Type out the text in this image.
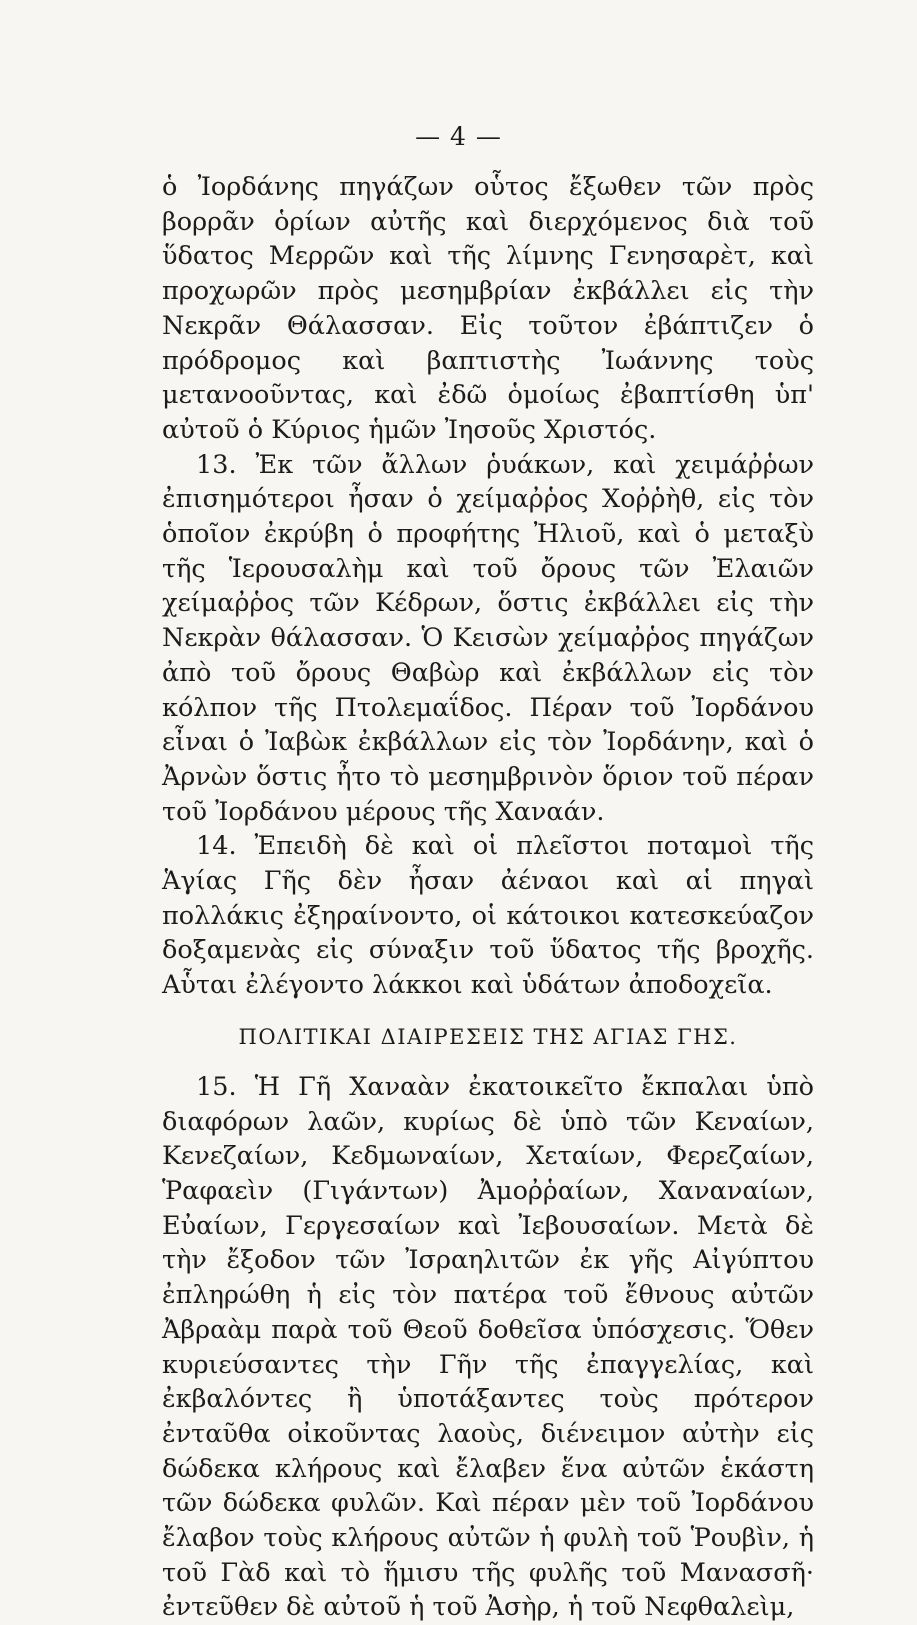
— 4 —

ὁ Ἰορδάνης πηγάζων οὗτος ἔξωθεν τῶν πρὸς βορρᾶν ὁρίων αὐτῆς καὶ διερχόμενος διὰ τοῦ ὕδατος Μερρῶν καὶ τῆς λίμνης Γενησαρὲτ, καὶ προχωρῶν πρὸς μεσημβρίαν ἐκβάλλει εἰς τὴν Νεκρᾶν Θάλασσαν. Εἰς τοῦτον ἐβάπτιζεν ὁ πρόδρομος καὶ βαπτιστὴς Ἰωάννης τοὺς μετανοοῦντας, καὶ ἐδῶ ὁμοίως ἐβαπτίσθη ὑπ' αὐτοῦ ὁ Κύριος ἡμῶν Ἰησοῦς Χριστός.

13. Ἐκ τῶν ἄλλων ῥυάκων, καὶ χειμάῤῥων ἐπισημότεροι ἦσαν ὁ χείμαῤῥος Χοῤῥὴθ, εἰς τὸν ὁποῖον ἐκρύβη ὁ προφήτης Ἠλιοῦ, καὶ ὁ μεταξὺ τῆς Ἱερουσαλὴμ καὶ τοῦ ὄρους τῶν Ἐλαιῶν χείμαῤῥος τῶν Κέδρων, ὅστις ἐκβάλλει εἰς τὴν Νεκρὰν θάλασσαν. Ὁ Κεισὼν χείμαῤῥος πηγάζων ἀπὸ τοῦ ὄρους Θαβὼρ καὶ ἐκβάλλων εἰς τὸν κόλπον τῆς Πτολεμαΐδος. Πέραν τοῦ Ἰορδάνου εἶναι ὁ Ἰαβὼκ ἐκβάλλων εἰς τὸν Ἰορδάνην, καὶ ὁ Ἀρνὼν ὅστις ἦτο τὸ μεσημβρινὸν ὅριον τοῦ πέραν τοῦ Ἰορδάνου μέρους τῆς Χαναάν.

14. Ἐπειδὴ δὲ καὶ οἱ πλεῖστοι ποταμοὶ τῆς Ἁγίας Γῆς δὲν ἦσαν ἀέναοι καὶ αἱ πηγαὶ πολλάκις ἐξηραίνοντο, οἱ κάτοικοι κατεσκεύαζον δοξαμενὰς εἰς σύναξιν τοῦ ὕδατος τῆς βροχῆς. Αὗται ἐλέγοντο λάκκοι καὶ ὑδάτων ἀποδοχεῖα.

ΠΟΛΙΤΙΚΑΙ ΔΙΑΙΡΕΣΕΙΣ ΤΗΣ ΑΓΙΑΣ ΓΗΣ.

15. Ἡ Γῆ Χαναὰν ἐκατοικεῖτο ἔκπαλαι ὑπὸ διαφόρων λαῶν, κυρίως δὲ ὑπὸ τῶν Κεναίων, Κενεζαίων, Κεδμωναίων, Χεταίων, Φερεζαίων, Ῥαφαεὶν (Γιγάντων) Ἀμοῤῥαίων, Χαναναίων, Εὐαίων, Γεργεσαίων καὶ Ἰεβουσαίων. Μετὰ δὲ τὴν ἔξοδον τῶν Ἰσραηλιτῶν ἐκ γῆς Αἰγύπτου ἐπληρώθη ἡ εἰς τὸν πατέρα τοῦ ἔθνους αὐτῶν Ἀβραὰμ παρὰ τοῦ Θεοῦ δοθεῖσα ὑπόσχεσις. Ὅθεν κυριεύσαντες τὴν Γῆν τῆς ἐπαγγελίας, καὶ ἐκβαλόντες ἢ ὑποτάξαντες τοὺς πρότερον ἐνταῦθα οἰκοῦντας λαοὺς, διένειμον αὐτὴν εἰς δώδεκα κλήρους καὶ ἔλαβεν ἕνα αὐτῶν ἑκάστη τῶν δώδεκα φυλῶν. Καὶ πέραν μὲν τοῦ Ἰορδάνου ἔλαβον τοὺς κλήρους αὐτῶν ἡ φυλὴ τοῦ Ῥουβὶν, ἡ τοῦ Γὰδ καὶ τὸ ἥμισυ τῆς φυλῆς τοῦ Μανασσῆ· ἐντεῦθεν δὲ αὐτοῦ ἡ τοῦ Ἀσὴρ, ἡ τοῦ Νεφθαλεὶμ,
